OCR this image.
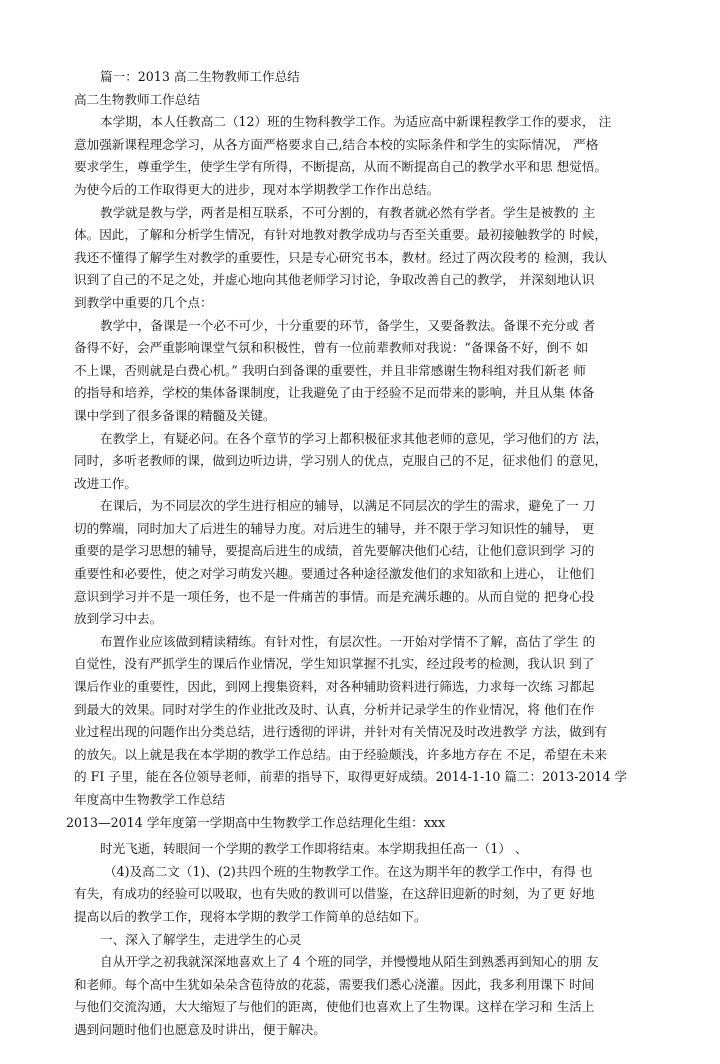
篇一：2013 高二生物教师工作总结
高二生物教师工作总结
本学期，本人任教高二（12）班的生物科教学工作。为适应高中新课程教学工作的要求， 注
意加强新课程理念学习，从各方面严格要求自己,结合本校的实际条件和学生的实际情况， 严格
要求学生，尊重学生，使学生学有所得，不断提高，从而不断提高自己的教学水平和思 想觉悟。
为使今后的工作取得更大的进步，现对本学期教学工作作出总结。
教学就是教与学，两者是相互联系，不可分割的，有教者就必然有学者。学生是被教的 主
体。因此，了解和分析学生情况，有针对地教对教学成功与否至关重要。最初接触教学的 时候，
我还不懂得了解学生对教学的重要性，只是专心研究书本，教材。经过了两次段考的 检测，我认
识到了自己的不足之处，并虚心地向其他老师学习讨论，争取改善自己的教学， 并深刻地认识
到教学中重要的几个点：
教学中，备课是一个必不可少，十分重要的环节，备学生，又要备教法。备课不充分或 者
备得不好，会严重影响课堂气氛和积极性，曾有一位前辈教师对我说：“备课备不好，倒不 如
不上课，否则就是白费心机。” 我明白到备课的重要性，并且非常感谢生物科组对我们新老 师
的指导和培养，学校的集体备课制度，让我避免了由于经验不足而带来的影响，并且从集 体备
课中学到了很多备课的精髓及关键。
在教学上，有疑必问。在各个章节的学习上都积极征求其他老师的意见，学习他们的方 法，
同时，多听老教师的课，做到边听边讲，学习别人的优点，克服自己的不足，征求他们 的意见，
改进工作。
在课后，为不同层次的学生进行相应的辅导，以满足不同层次的学生的需求，避免了一 刀
切的弊端，同时加大了后进生的辅导力度。对后进生的辅导，并不限于学习知识性的辅导， 更
重要的是学习思想的辅导，要提高后进生的成绩，首先要解决他们心结，让他们意识到学 习的
重要性和必要性，使之对学习萌发兴趣。要通过各种途径激发他们的求知欲和上进心， 让他们
意识到学习并不是一项任务，也不是一件痛苦的事情。而是充满乐趣的。从而自觉的 把身心投
放到学习中去。
布置作业应该做到精读精练。有针对性，有层次性。一开始对学情不了解，高估了学生 的
自觉性，没有严抓学生的课后作业情况，学生知识掌握不扎实，经过段考的检测，我认识 到了
课后作业的重要性，因此，到网上搜集资料，对各种辅助资料进行筛选，力求每一次练 习都起
到最大的效果。同时对学生的作业批改及时、认真，分析并记录学生的作业情况，将 他们在作
业过程出现的问题作出分类总结，进行透彻的评讲，并针对有关情况及时改进教学 方法，做到有
的放矢。以上就是我在本学期的教学工作总结。由于经验颇浅，许多地方存在 不足，希望在未来
的 FI 子里，能在各位领导老师，前辈的指导下，取得更好成绩。2014-1-10 篇二：2013-2014 学
年度高中生物教学工作总结
2013—2014 学年度第一学期高中生物教学工作总结理化生组：xxx
时光飞逝，转眼间一个学期的教学工作即将结束。本学期我担任高一（1） 、
（4)及高二文（1)、(2)共四个班的生物教学工作。在这为期半年的教学工作中，有得 也
有失，有成功的经验可以吸取，也有失败的教训可以借鉴，在这辞旧迎新的时刻，为了更 好地
提高以后的教学工作，现将本学期的教学工作简单的总结如下。
一、深入了解学生，走进学生的心灵
自从开学之初我就深深地喜欢上了 4 个班的同学，并慢慢地从陌生到熟悉再到知心的朋 友
和老师。每个高中生犹如朵朵含苞待放的花蕊，需要我们悉心浇灌。因此，我多利用课下 时间
与他们交流沟通，大大缩短了与他们的距离，使他们也喜欢上了生物课。这样在学习和 生活上
遇到问题时他们也愿意及时讲出，便于解决。
